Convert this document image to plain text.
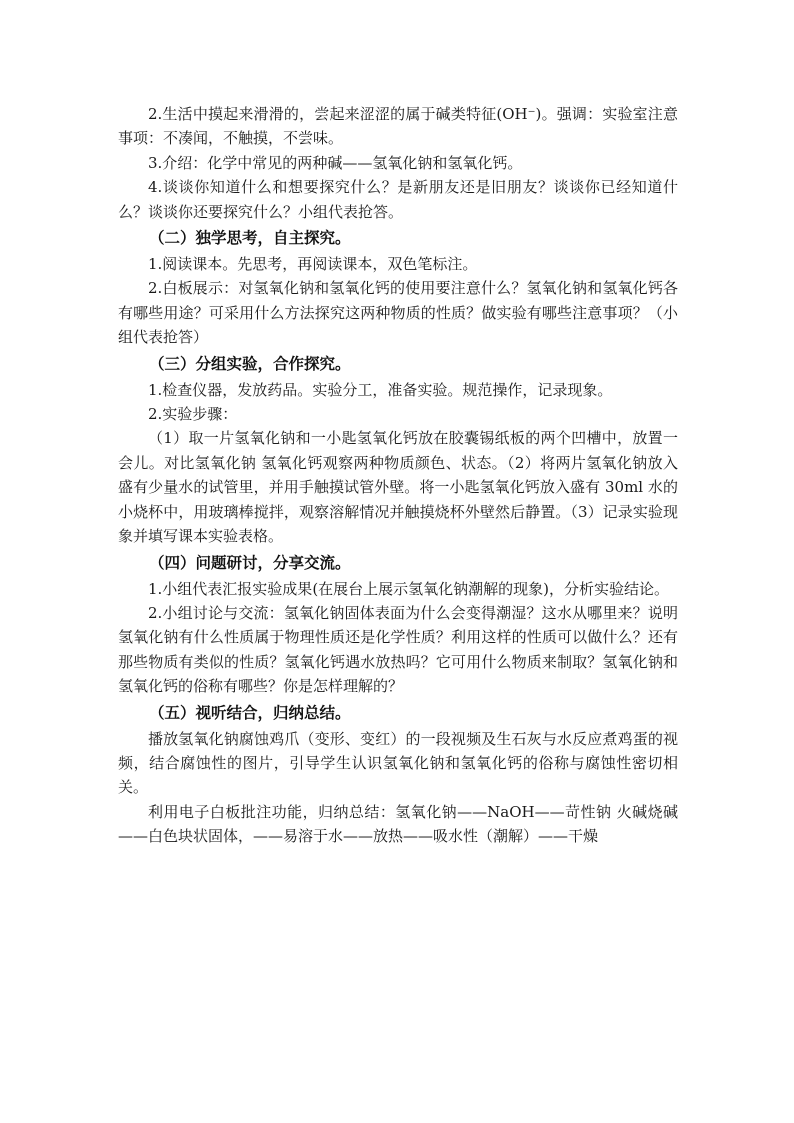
2.生活中摸起来滑滑的，尝起来涩涩的属于碱类特征(OH⁻)。强调：实验室注意事项：不凑闻，不触摸，不尝味。

3.介绍：化学中常见的两种碱——氢氧化钠和氢氧化钙。

4.谈谈你知道什么和想要探究什么？是新朋友还是旧朋友？谈谈你已经知道什么？谈谈你还要探究什么？小组代表抢答。

（二）独学思考，自主探究。

1.阅读课本。先思考，再阅读课本，双色笔标注。

2.白板展示：对氢氧化钠和氢氧化钙的使用要注意什么？氢氧化钠和氢氧化钙各有哪些用途？可采用什么方法探究这两种物质的性质？做实验有哪些注意事项？（小组代表抢答）

（三）分组实验，合作探究。

1.检查仪器，发放药品。实验分工，准备实验。规范操作，记录现象。

2.实验步骤：

（1）取一片氢氧化钠和一小匙氢氧化钙放在胶囊锡纸板的两个凹槽中，放置一会儿。对比氢氧化钠 氢氧化钙观察两种物质颜色、状态。（2）将两片氢氧化钠放入盛有少量水的试管里，并用手触摸试管外壁。将一小匙氢氧化钙放入盛有 30ml 水的小烧杯中，用玻璃棒搅拌，观察溶解情况并触摸烧杯外壁然后静置。（3）记录实验现象并填写课本实验表格。

（四）问题研讨，分享交流。

1.小组代表汇报实验成果(在展台上展示氢氧化钠潮解的现象)，分析实验结论。

2.小组讨论与交流：氢氧化钠固体表面为什么会变得潮湿？这水从哪里来？说明氢氧化钠有什么性质属于物理性质还是化学性质？利用这样的性质可以做什么？还有那些物质有类似的性质？氢氧化钙遇水放热吗？它可用什么物质来制取？氢氧化钠和氢氧化钙的俗称有哪些？你是怎样理解的？

（五）视听结合，归纳总结。

播放氢氧化钠腐蚀鸡爪（变形、变红）的一段视频及生石灰与水反应煮鸡蛋的视频，结合腐蚀性的图片，引导学生认识氢氧化钠和氢氧化钙的俗称与腐蚀性密切相关。

利用电子白板批注功能，归纳总结：氢氧化钠——NaOH——苛性钠 火碱烧碱——白色块状固体，——易溶于水——放热——吸水性（潮解）——干燥
